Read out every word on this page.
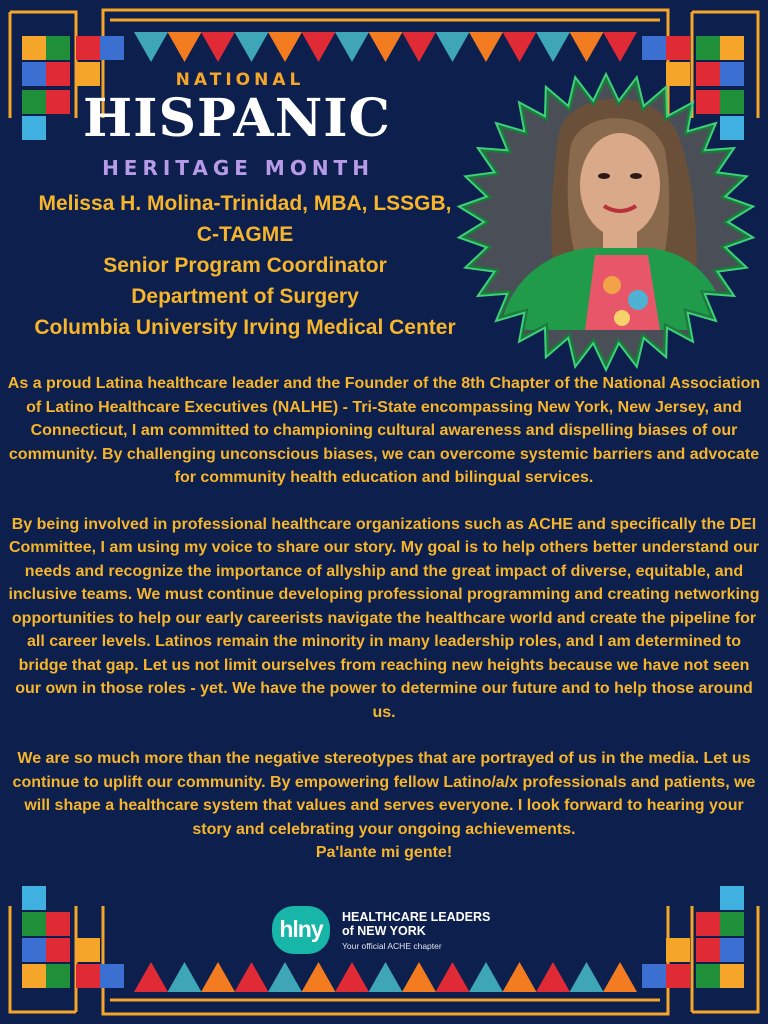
NATIONAL
HISPANIC
HERITAGE MONTH
Melissa H. Molina-Trinidad, MBA, LSSGB,
C-TAGME
Senior Program Coordinator
Department of Surgery
Columbia University Irving Medical Center

As a proud Latina healthcare leader and the Founder of the 8th Chapter of the National Association of Latino Healthcare Executives (NALHE) - Tri-State encompassing New York, New Jersey, and Connecticut, I am committed to championing cultural awareness and dispelling biases of our community. By challenging unconscious biases, we can overcome systemic barriers and advocate for community health education and bilingual services.

By being involved in professional healthcare organizations such as ACHE and specifically the DEI Committee, I am using my voice to share our story. My goal is to help others better understand our needs and recognize the importance of allyship and the great impact of diverse, equitable, and inclusive teams. We must continue developing professional programming and creating networking opportunities to help our early careerists navigate the healthcare world and create the pipeline for all career levels. Latinos remain the minority in many leadership roles, and I am determined to bridge that gap. Let us not limit ourselves from reaching new heights because we have not seen our own in those roles - yet. We have the power to determine our future and to help those around us.

We are so much more than the negative stereotypes that are portrayed of us in the media. Let us continue to uplift our community. By empowering fellow Latino/a/x professionals and patients, we will shape a healthcare system that values and serves everyone. I look forward to hearing your story and celebrating your ongoing achievements.
Pa'lante mi gente!

hlny	HEALTHCARE LEADERS
of NEW YORK
Your official ACHE chapter
